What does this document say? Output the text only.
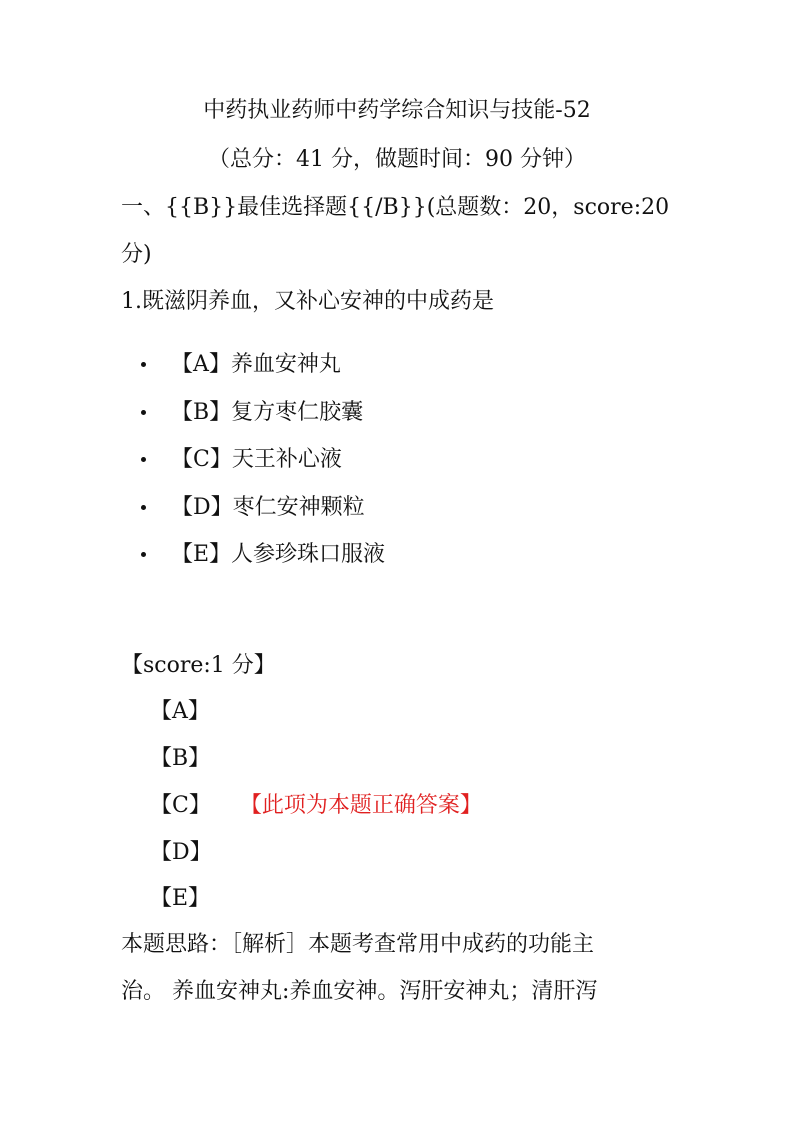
中药执业药师中药学综合知识与技能-52
（总分：41 分，做题时间：90 分钟）
一、{{B}}最佳选择题{{/B}}(总题数：20，score:20
分)
1.既滋阴养血，又补心安神的中成药是
【A】养血安神丸
【B】复方枣仁胶囊
【C】天王补心液
【D】枣仁安神颗粒
【E】人参珍珠口服液
【score:1 分】
【A】
【B】
【C】 【此项为本题正确答案】
【D】
【E】
本题思路：［解析］本题考查常用中成药的功能主
治。 养血安神丸:养血安神。泻肝安神丸；清肝泻
